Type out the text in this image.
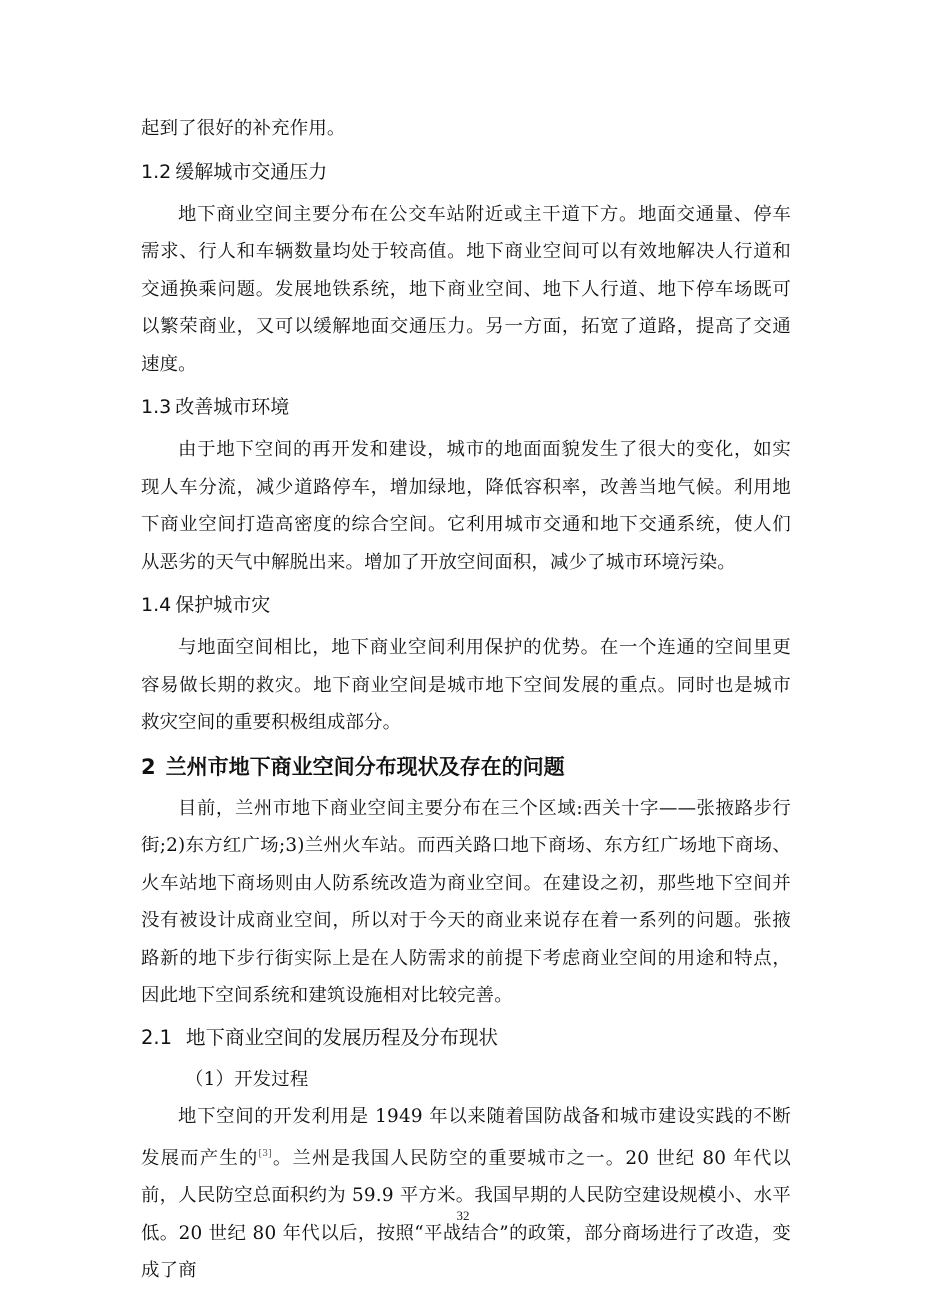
起到了很好的补充作用。

1.2 缓解城市交通压力

地下商业空间主要分布在公交车站附近或主干道下方。地面交通量、停车需求、行人和车辆数量均处于较高值。地下商业空间可以有效地解决人行道和交通换乘问题。发展地铁系统，地下商业空间、地下人行道、地下停车场既可以繁荣商业，又可以缓解地面交通压力。另一方面，拓宽了道路，提高了交通速度。

1.3 改善城市环境

由于地下空间的再开发和建设，城市的地面面貌发生了很大的变化，如实现人车分流，减少道路停车，增加绿地，降低容积率，改善当地气候。利用地下商业空间打造高密度的综合空间。它利用城市交通和地下交通系统，使人们从恶劣的天气中解脱出来。增加了开放空间面积，减少了城市环境污染。

1.4 保护城市灾

与地面空间相比，地下商业空间利用保护的优势。在一个连通的空间里更容易做长期的救灾。地下商业空间是城市地下空间发展的重点。同时也是城市救灾空间的重要积极组成部分。

2 兰州市地下商业空间分布现状及存在的问题

目前，兰州市地下商业空间主要分布在三个区域:西关十字——张掖路步行街;2)东方红广场;3)兰州火车站。而西关路口地下商场、东方红广场地下商场、火车站地下商场则由人防系统改造为商业空间。在建设之初，那些地下空间并没有被设计成商业空间，所以对于今天的商业来说存在着一系列的问题。张掖路新的地下步行街实际上是在人防需求的前提下考虑商业空间的用途和特点，因此地下空间系统和建筑设施相对比较完善。

2.1 地下商业空间的发展历程及分布现状

（1）开发过程

地下空间的开发利用是 1949 年以来随着国防战备和城市建设实践的不断发展而产生的[3]。兰州是我国人民防空的重要城市之一。20 世纪 80 年代以前，人民防空总面积约为 59.9 平方米。我国早期的人民防空建设规模小、水平低。20 世纪 80 年代以后，按照“平战结合”的政策，部分商场进行了改造，变成了商

32
